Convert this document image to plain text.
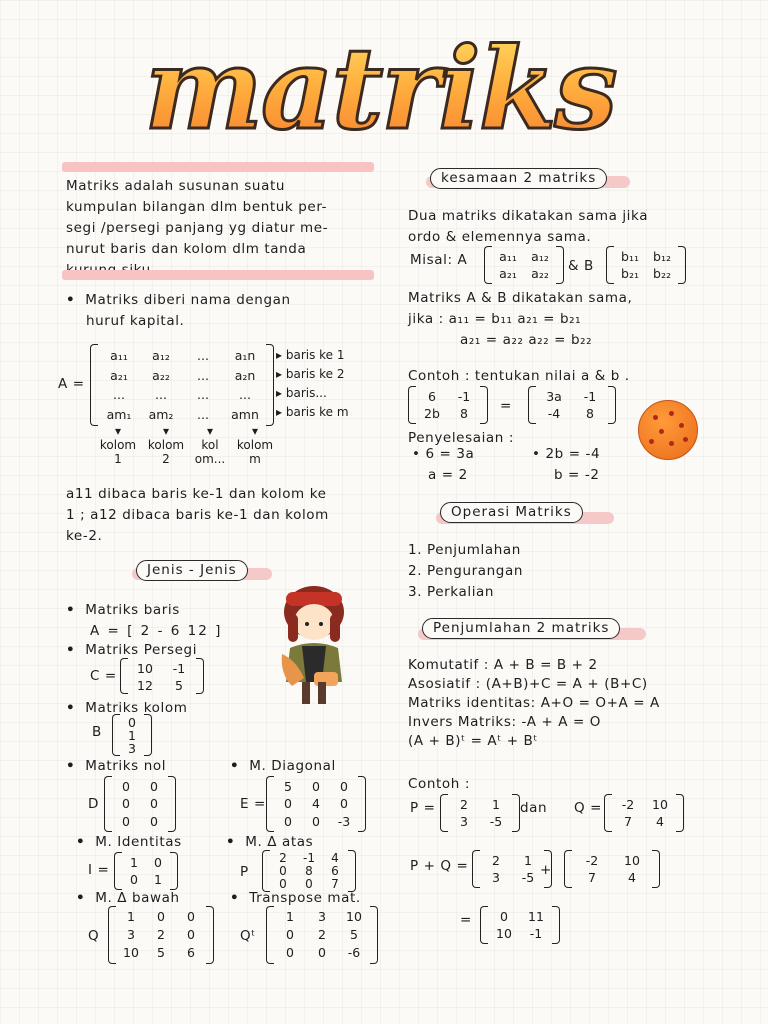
matriks
Matriks adalah susunan suatu
kumpulan bilangan dlm bentuk per-
segi /persegi panjang yg diatur me-
nurut baris dan kolom dlm tanda
• Matriks diberi nama dengan
huruf kapital.
A =
a₁₁	a₁₂	...	a₁n
a₂₁	a₂₂	...	a₂n
...	...	...	...
am₁ am₂	...	amn
▸ baris ke 1
▸ baris ke 2
▸ baris...
▸ baris ke m
▾
kolom
1
▾
kolom
2
▾
kol
om...
▾
kolom
m
a11 dibaca baris ke-1 dan kolom ke
1 ; a12 dibaca baris ke-1 dan kolom
ke-2.
Jenis - Jenis
• Matriks baris
A = [ 2 - 6 12 ]
• Matriks Persegi
C =	10	-1
12	5
• Matriks kolom
B
0
1
3
• Matriks nol
D
0	0
0	0
0	0
• M. Diagonal
E =
5	0	0
0	4	0
0	0	-3
• M. Identitas
I = 1 0
0 1
• M. Δ atas
P
2	-1	4
0	8	6
0	0	7
• M. Δ bawah
Q
1	0	0
3	2	0
10	5	6
• Transpose mat.
Qᵗ
1	3	10
0	2	5
0	0	-6
kesamaan 2 matriks
Dua matriks dikatakan sama jika
ordo & elemennya sama.
Misal: A	a₁₁ a₁₂
a₂₁ a₂₂ & B
b₁₁ b₁₂
b₂₁ b₂₂
Matriks A & B dikatakan sama,
jika : a₁₁ = b₁₁ a₂₁ = b₂₁
a₂₁ = a₂₂ a₂₂ = b₂₂
Contoh : tentukan nilai a & b .
6	-1
2b	8	=
3a	-1
-4	8
Penyelesaian :
• 6 = 3a	• 2b = -4
a = 2	b = -2
Operasi Matriks
1. Penjumlahan
2. Pengurangan
3. Perkalian
Penjumlahan 2 matriks
Komutatif : A + B = B + 2
Asosiatif : (A+B)+C = A + (B+C)
Matriks identitas: A+O = O+A = A
Invers Matriks: -A + A = O
(A + B)ᵗ = Aᵗ + Bᵗ
Contoh :
P =	2	1
3	-5
dan Q =	-2	10
7	4
P + Q =	2	1
3	-5 +
-2	10
7	4
=	0	11
10	-1
